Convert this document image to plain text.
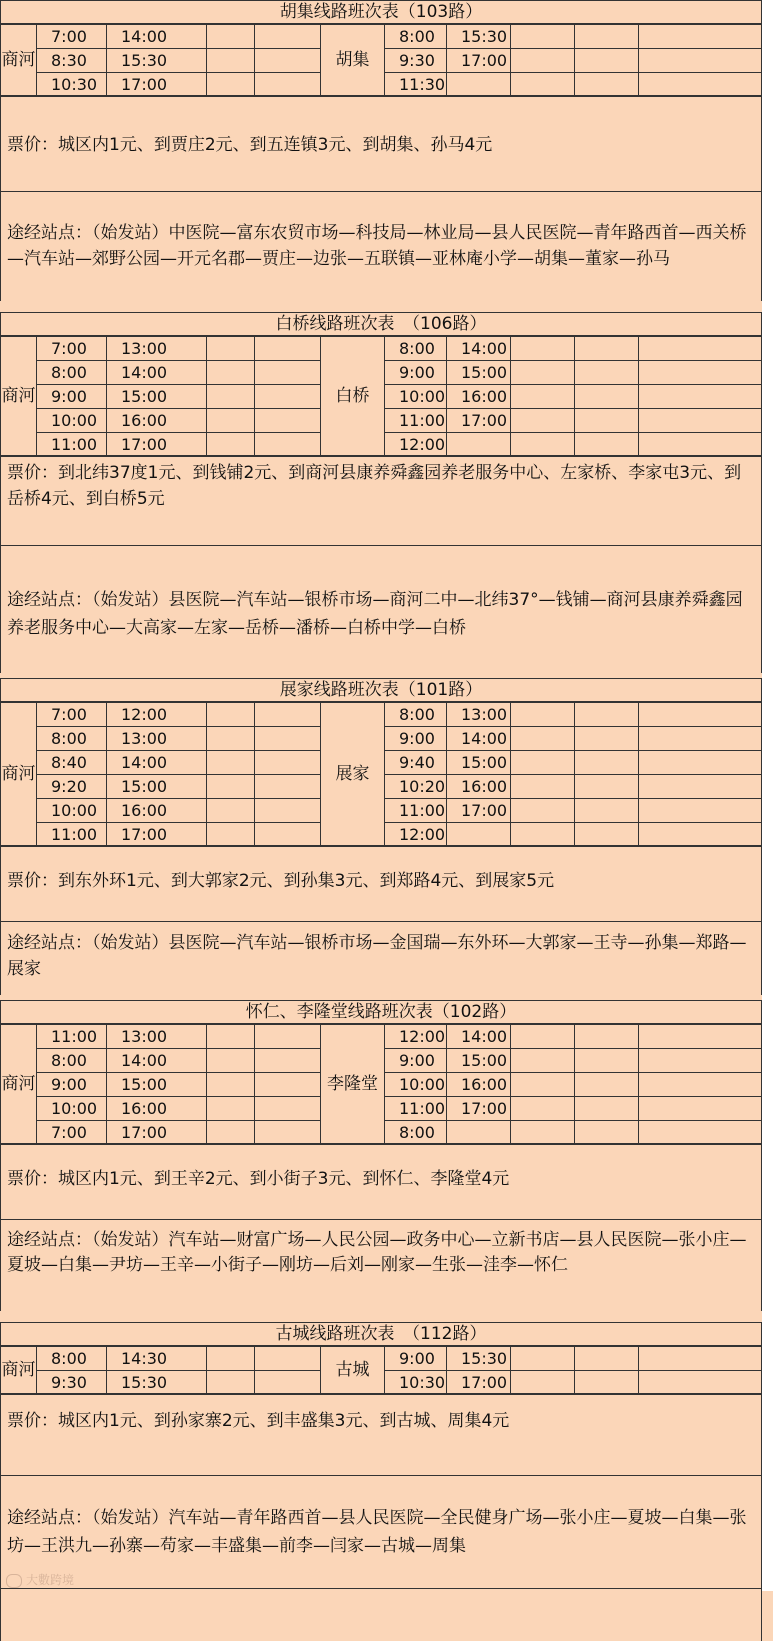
胡集线路班次表（103路）
商河	7:00	14:00			胡集	8:00	15:30			
	8:30	15:30				9:30	17:00			
	10:30	17:00				11:30				
票价：城区内1元、到贾庄2元、到五连镇3元、到胡集、孙马4元
途经站点：（始发站）中医院—富东农贸市场—科技局—林业局—县人民医院—青年路西首—西关桥—汽车站—郊野公园—开元名郡—贾庄—边张—五联镇—亚林庵小学—胡集—董家—孙马
白桥线路班次表　（106路）
商河	7:00	13:00			白桥	8:00	14:00			
	8:00	14:00				9:00	15:00			
	9:00	15:00				10:00	16:00			
	10:00	16:00				11:00	17:00			
	11:00	17:00				12:00				
票价：到北纬37度1元、到钱铺2元、到商河县康养舜鑫园养老服务中心、左家桥、李家屯3元、到岳桥4元、到白桥5元
途经站点：（始发站）县医院—汽车站—银桥市场—商河二中—北纬37°—钱铺—商河县康养舜鑫园养老服务中心—大高家—左家—岳桥—潘桥—白桥中学—白桥
展家线路班次表（101路）
商河	7:00	12:00			展家	8:00	13:00			
	8:00	13:00				9:00	14:00			
	8:40	14:00				9:40	15:00			
	9:20	15:00				10:20	16:00			
	10:00	16:00				11:00	17:00			
	11:00	17:00				12:00				
票价：到东外环1元、到大郭家2元、到孙集3元、到郑路4元、到展家5元
途经站点：（始发站）县医院—汽车站—银桥市场—金国瑞—东外环—大郭家—王寺—孙集—郑路—展家
怀仁、李隆堂线路班次表（102路）
商河	11:00	13:00			李隆堂	12:00	14:00			
	8:00	14:00				9:00	15:00			
	9:00	15:00				10:00	16:00			
	10:00	16:00				11:00	17:00			
	7:00	17:00				8:00				
票价：城区内1元、到王辛2元、到小街子3元、到怀仁、李隆堂4元
途经站点：（始发站）汽车站—财富广场—人民公园—政务中心—立新书店—县人民医院—张小庄—夏坡—白集—尹坊—王辛—小街子—刚坊—后刘—刚家—生张—洼李—怀仁
古城线路班次表　（112路）
商河	8:00	14:30			古城	9:00	15:30			
	9:30	15:30				10:30	17:00			
票价：城区内1元、到孙家寨2元、到丰盛集3元、到古城、周集4元
途经站点：（始发站）汽车站—青年路西首—县人民医院—全民健身广场—张小庄—夏坡—白集—张坊—王洪九—孙寨—苟家—丰盛集—前李—闫家—古城—周集
大數跨境
